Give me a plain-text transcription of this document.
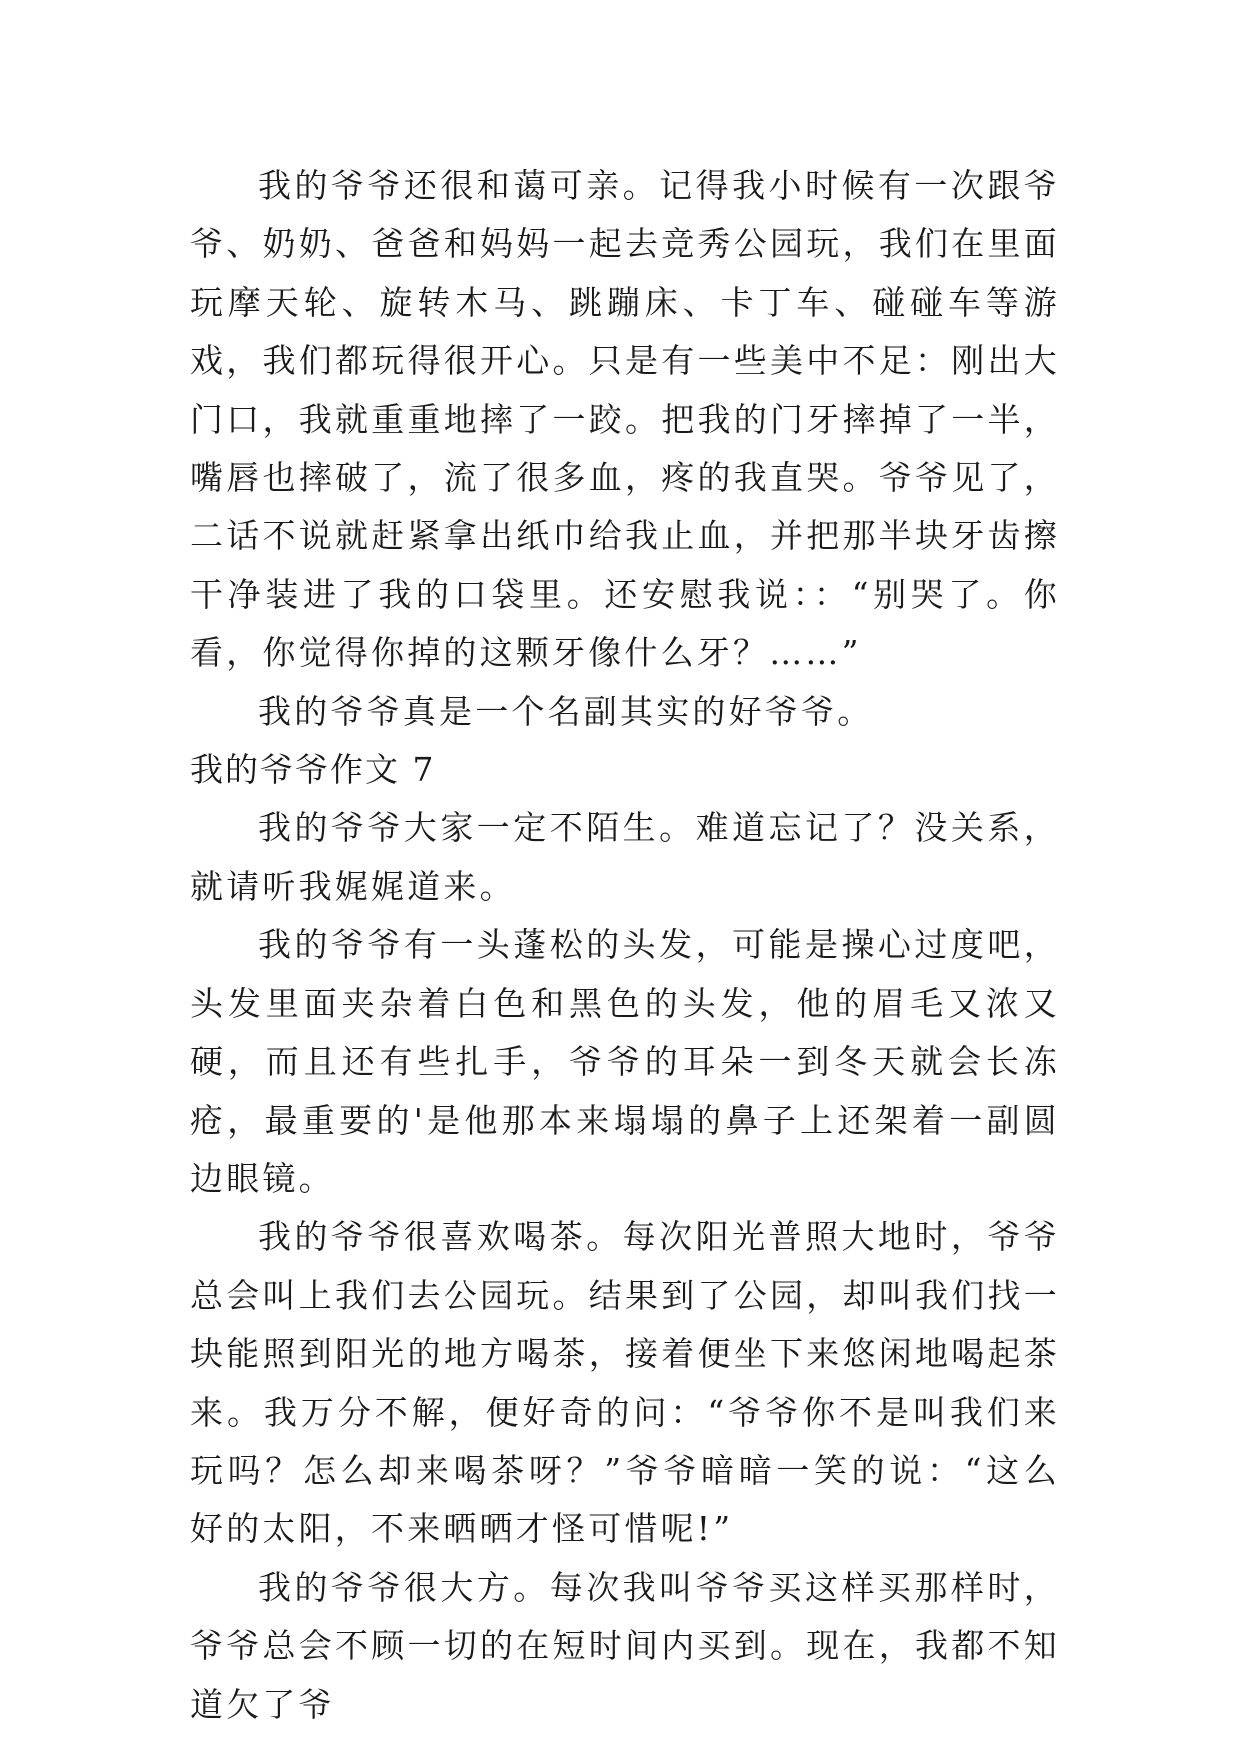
我的爷爷还很和蔼可亲。记得我小时候有一次跟爷爷、奶奶、爸爸和妈妈一起去竞秀公园玩，我们在里面玩摩天轮、旋转木马、跳蹦床、卡丁车、碰碰车等游戏，我们都玩得很开心。只是有一些美中不足：刚出大门口，我就重重地摔了一跤。把我的门牙摔掉了一半，嘴唇也摔破了，流了很多血，疼的我直哭。爷爷见了，二话不说就赶紧拿出纸巾给我止血，并把那半块牙齿擦干净装进了我的口袋里。还安慰我说：：“别哭了。你看，你觉得你掉的这颗牙像什么牙？……”

我的爷爷真是一个名副其实的好爷爷。

我的爷爷作文 7

我的爷爷大家一定不陌生。难道忘记了？没关系，就请听我娓娓道来。

我的爷爷有一头蓬松的头发，可能是操心过度吧，头发里面夹杂着白色和黑色的头发，他的眉毛又浓又硬，而且还有些扎手，爷爷的耳朵一到冬天就会长冻疮，最重要的'是他那本来塌塌的鼻子上还架着一副圆边眼镜。

我的爷爷很喜欢喝茶。每次阳光普照大地时，爷爷总会叫上我们去公园玩。结果到了公园，却叫我们找一块能照到阳光的地方喝茶，接着便坐下来悠闲地喝起茶来。我万分不解，便好奇的问：“爷爷你不是叫我们来玩吗？怎么却来喝茶呀？”爷爷暗暗一笑的说：“这么好的太阳，不来晒晒才怪可惜呢!”

我的爷爷很大方。每次我叫爷爷买这样买那样时，爷爷总会不顾一切的在短时间内买到。现在，我都不知道欠了爷
